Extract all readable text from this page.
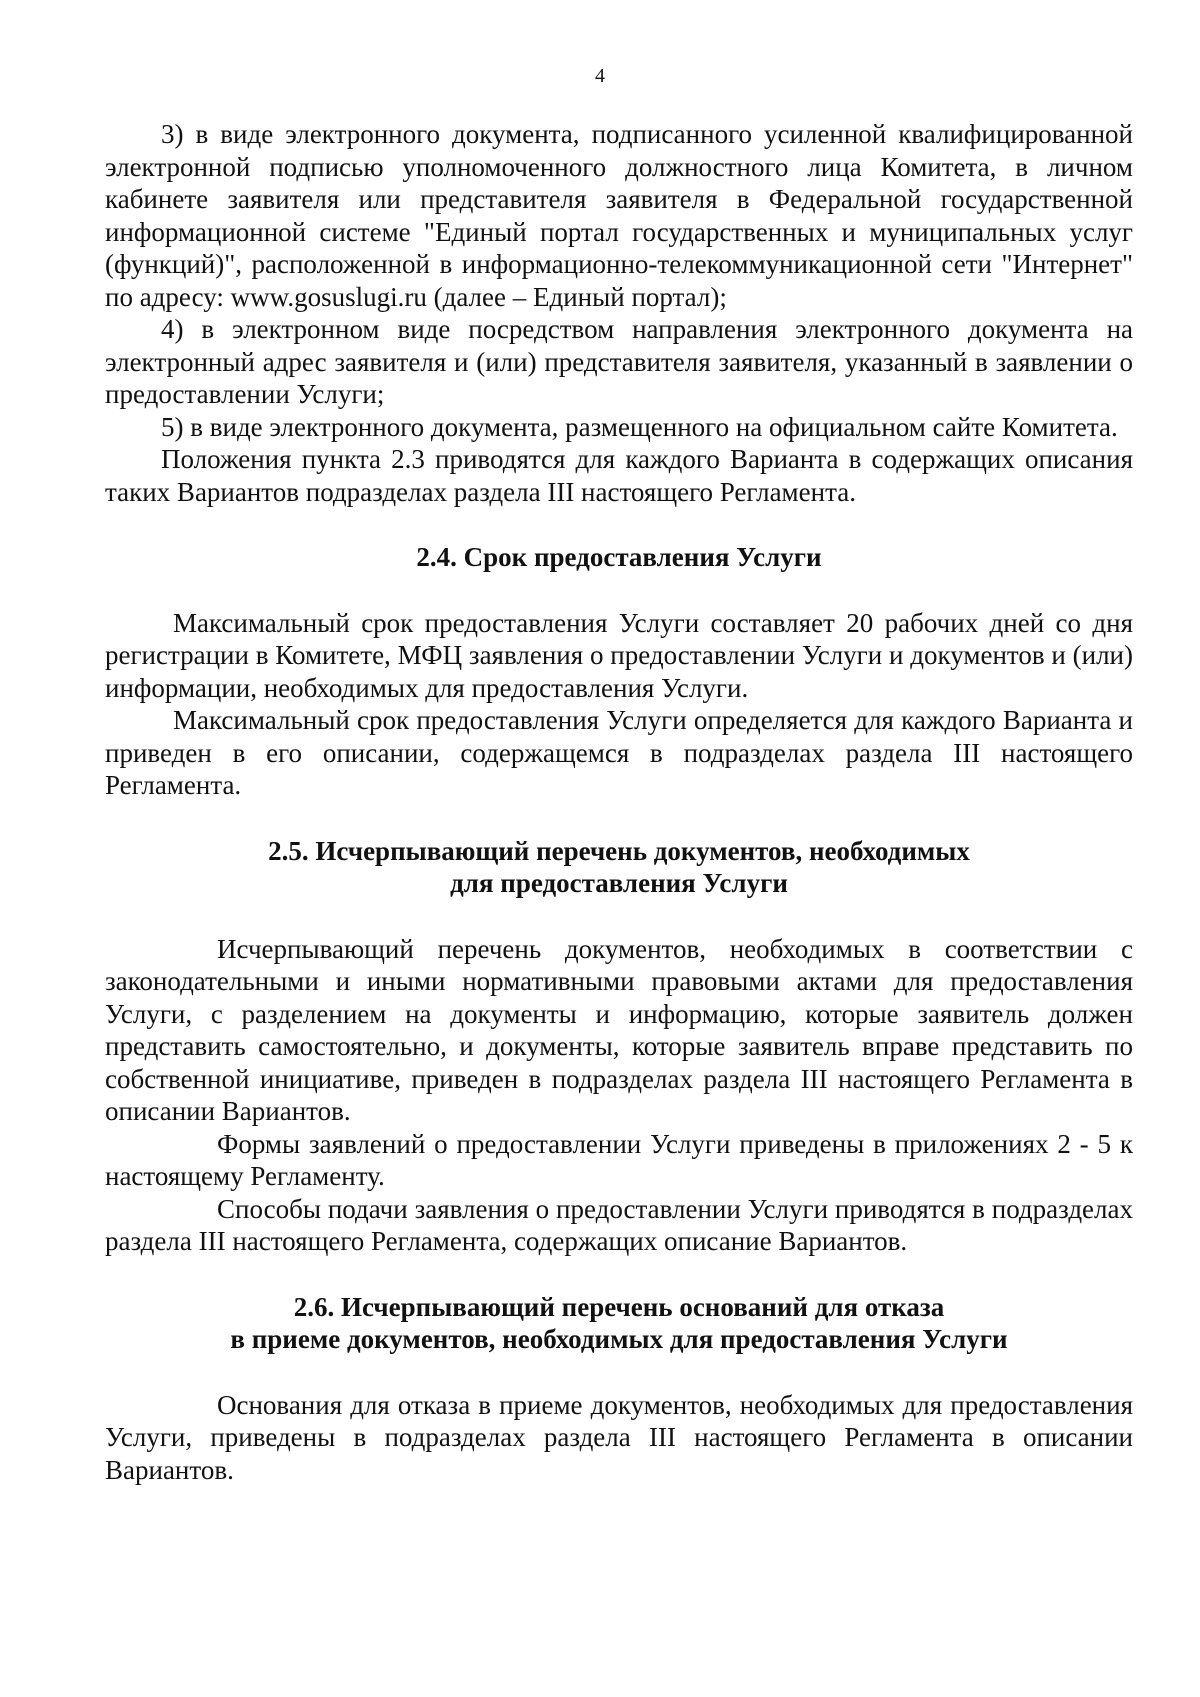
4

3) в виде электронного документа, подписанного усиленной квалифицированной электронной подписью уполномоченного должностного лица Комитета, в личном кабинете заявителя или представителя заявителя в Федеральной государственной информационной системе "Единый портал государственных и муниципальных услуг (функций)", расположенной в информационно-телекоммуникационной сети "Интернет" по адресу: www.gosuslugi.ru (далее – Единый портал);

4) в электронном виде посредством направления электронного документа на электронный адрес заявителя и (или) представителя заявителя, указанный в заявлении о предоставлении Услуги;

5) в виде электронного документа, размещенного на официальном сайте Комитета.

Положения пункта 2.3 приводятся для каждого Варианта в содержащих описания таких Вариантов подразделах раздела III настоящего Регламента.

2.4. Срок предоставления Услуги

Максимальный срок предоставления Услуги составляет 20 рабочих дней со дня регистрации в Комитете, МФЦ заявления о предоставлении Услуги и документов и (или) информации, необходимых для предоставления Услуги.

Максимальный срок предоставления Услуги определяется для каждого Варианта и приведен в его описании, содержащемся в подразделах раздела III настоящего Регламента.

2.5. Исчерпывающий перечень документов, необходимых
для предоставления Услуги

Исчерпывающий перечень документов, необходимых в соответствии с законодательными и иными нормативными правовыми актами для предоставления Услуги, с разделением на документы и информацию, которые заявитель должен представить самостоятельно, и документы, которые заявитель вправе представить по собственной инициативе, приведен в подразделах раздела III настоящего Регламента в описании Вариантов.

Формы заявлений о предоставлении Услуги приведены в приложениях 2 - 5 к настоящему Регламенту.

Способы подачи заявления о предоставлении Услуги приводятся в подразделах раздела III настоящего Регламента, содержащих описание Вариантов.

2.6. Исчерпывающий перечень оснований для отказа
в приеме документов, необходимых для предоставления Услуги

Основания для отказа в приеме документов, необходимых для предоставления Услуги, приведены в подразделах раздела III настоящего Регламента в описании Вариантов.
